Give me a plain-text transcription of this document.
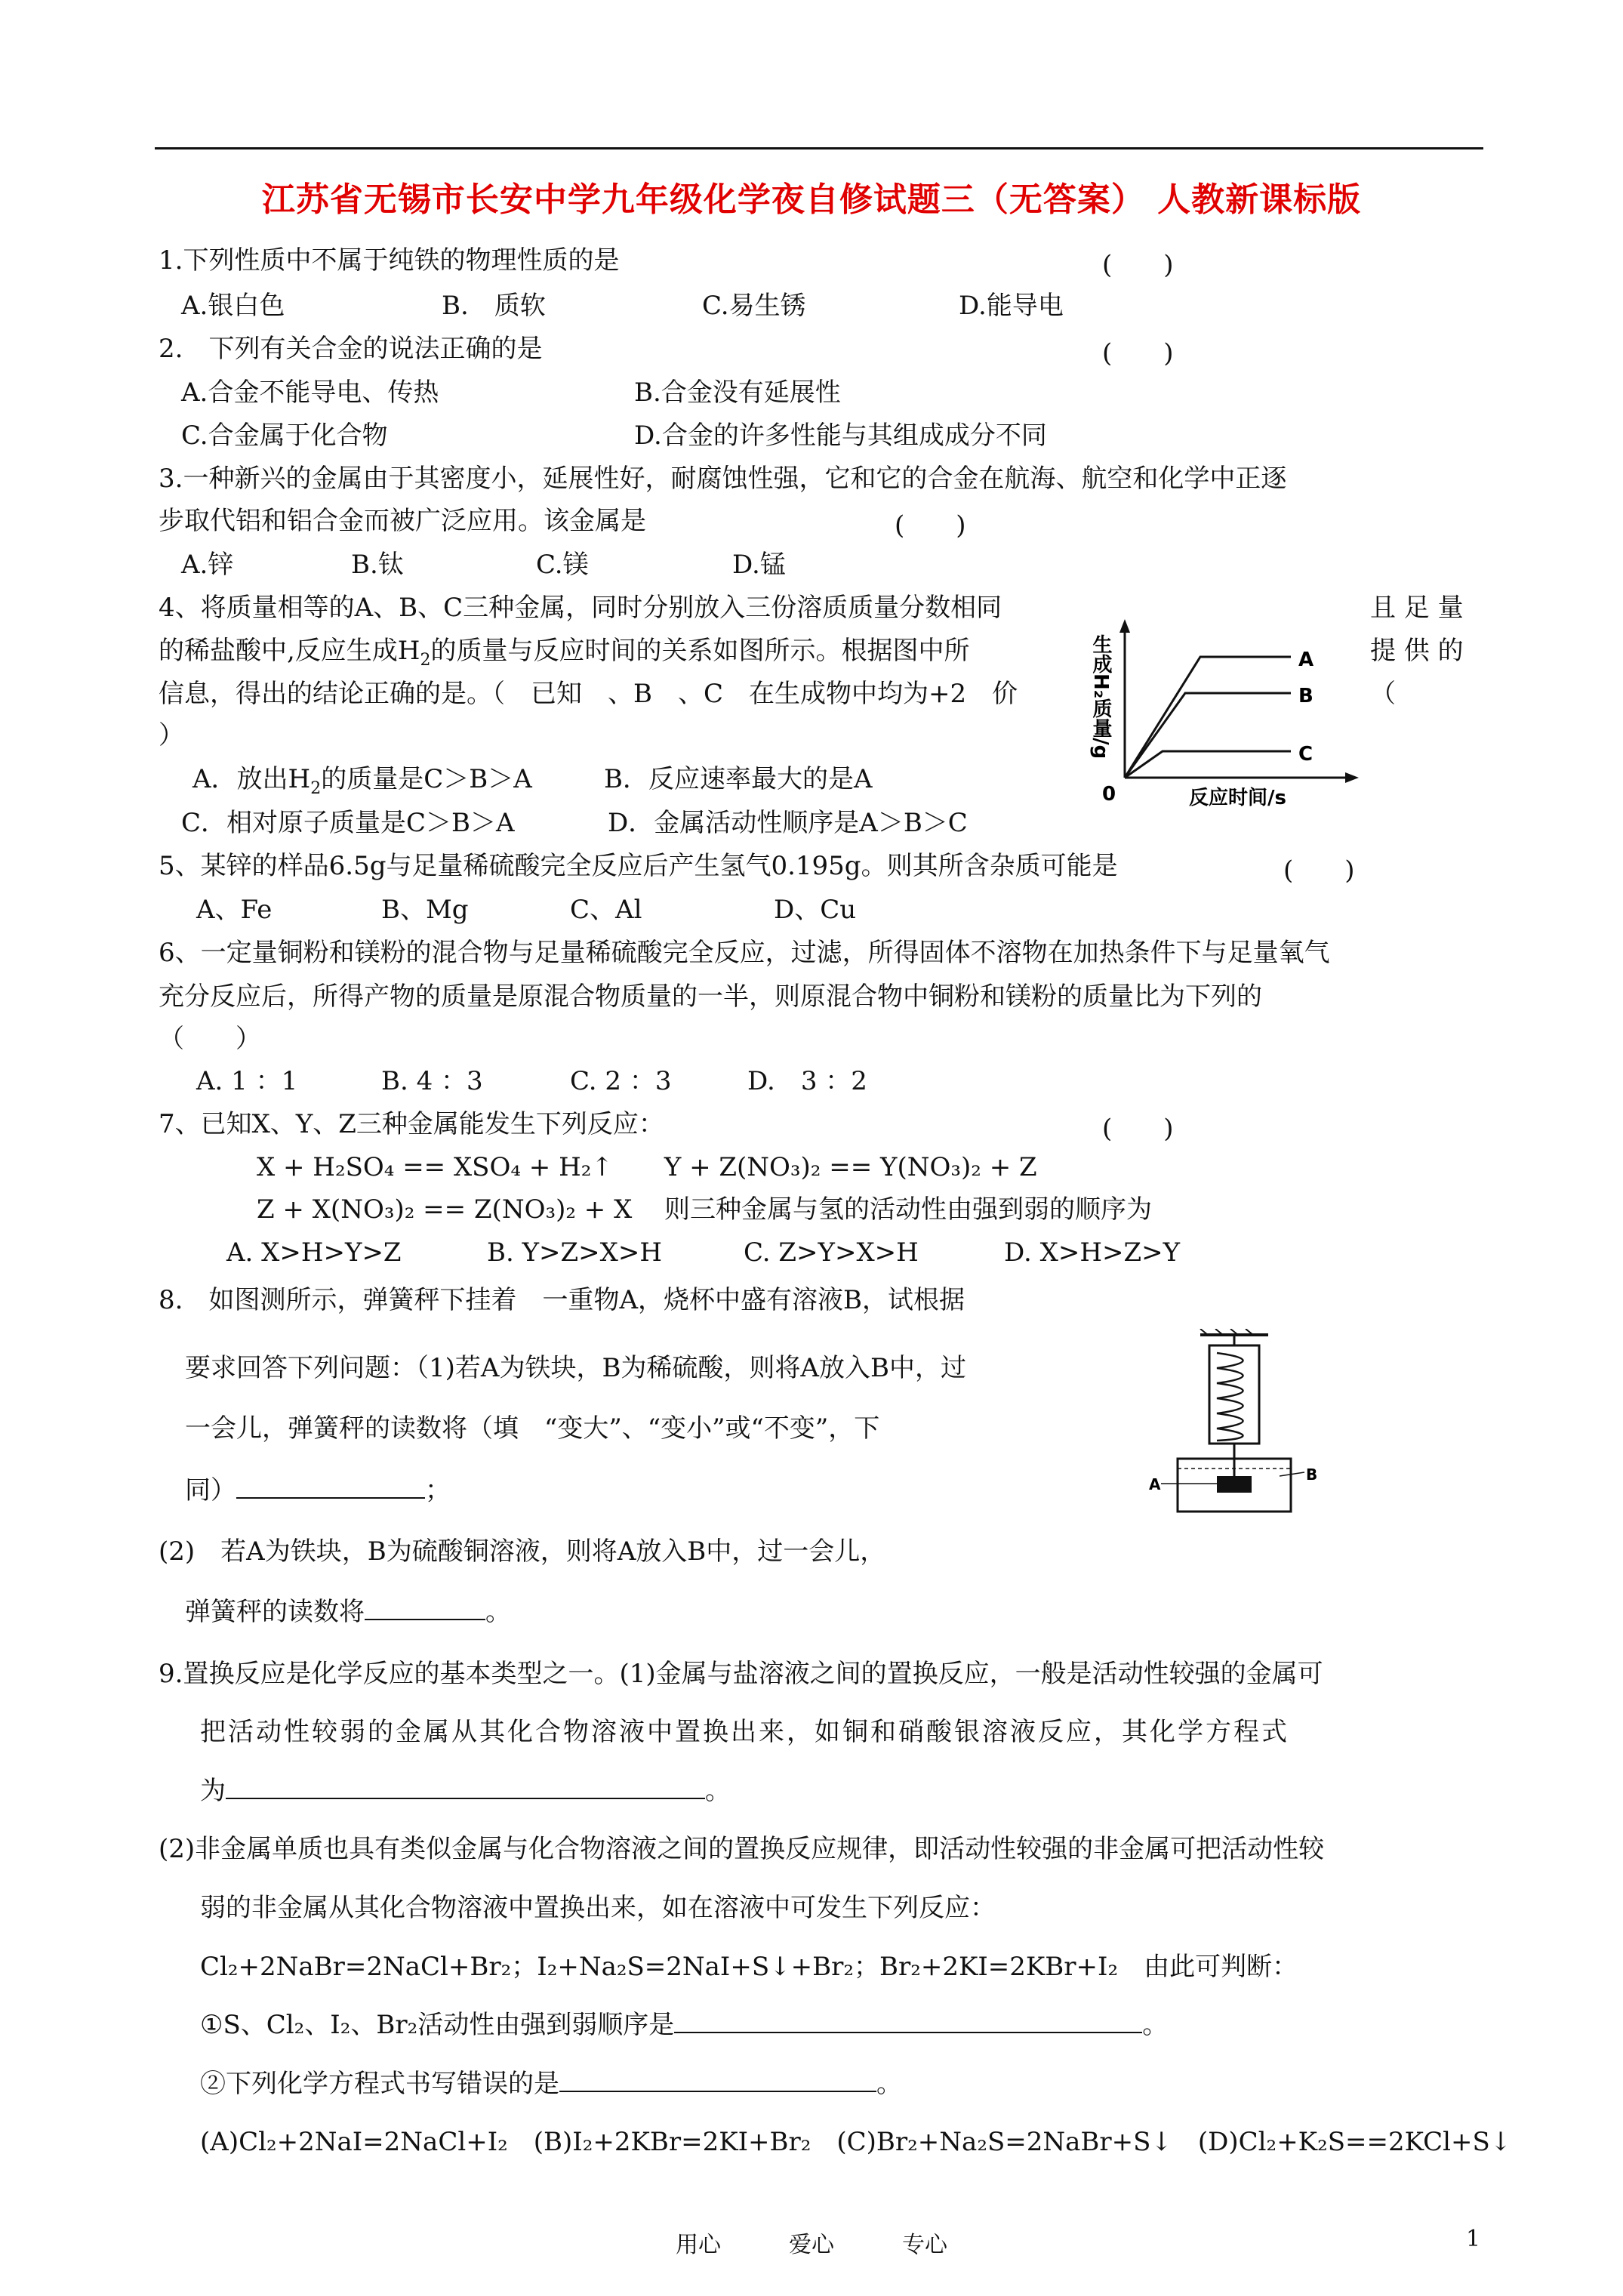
江苏省无锡市长安中学九年级化学夜自修试题三（无答案） 人教新课标版
1.下列性质中不属于纯铁的物理性质的是	(　　)
A.银白色	B.　质软	C.易生锈	D.能导电
2.　下列有关合金的说法正确的是	(　　)
A.合金不能导电、传热	B.合金没有延展性
C.合金属于化合物	D.合金的许多性能与其组成成分不同
3.一种新兴的金属由于其密度小，延展性好，耐腐蚀性强，它和它的合金在航海、航空和化学中正逐
步取代铝和铝合金而被广泛应用。该金属是	(　　)
A.锌	B.钛	C.镁	D.锰
4、将质量相等的A、B、C三种金属，同时分别放入三份溶质质量分数相同	且 足 量
的稀盐酸中,反应生成$H_2$的质量与反应时间的关系如图所示。根据图中所	提 供 的
信息，得出的结论正确的是。（　已知　、B　、C　在生成物中均为+2　价	（
）
A．放出$H_2$的质量是C＞B＞A	B．反应速率最大的是A
C．相对原子质量是C＞B＞A	D．金属活动性顺序是A＞B＞C
A
B
C
0	反应时间/s
生成H₂质量/g
5、某锌的样品6.5g与足量稀硫酸完全反应后产生氢气0.195g。则其所含杂质可能是	(　　)
A、Fe	B、Mg	C、Al	D、Cu
6、一定量铜粉和镁粉的混合物与足量稀硫酸完全反应，过滤，所得固体不溶物在加热条件下与足量氧气
充分反应后，所得产物的质量是原混合物质量的一半，则原混合物中铜粉和镁粉的质量比为下列的
（　　）
A. 1 ：1	B. 4 ：3	C. 2 ：3	D.　3 ：2
7、已知X、Y、Z三种金属能发生下列反应：	(　　)
X + H₂SO₄ == XSO₄ + H₂↑　　Y + Z(NO₃)₂ == Y(NO₃)₂ + Z
Z + X(NO₃)₂ == Z(NO₃)₂ + X 则三种金属与氢的活动性由强到弱的顺序为
A. X>H>Y>Z	B. Y>Z>X>H	C. Z>Y>X>H	D. X>H>Z>Y
8.　如图测所示，弹簧秤下挂着　一重物A，烧杯中盛有溶液B，试根据
要求回答下列问题：（1)若A为铁块，B为稀硫酸，则将A放入B中，过
一会儿，弹簧秤的读数将（填　“变大”、“变小”或“不变”，下
同）	；
(2)　若A为铁块，B为硫酸铜溶液，则将A放入B中，过一会儿，
弹簧秤的读数将	。
A
B
9.置换反应是化学反应的基本类型之一。(1)金属与盐溶液之间的置换反应，一般是活动性较强的金属可
把活动性较弱的金属从其化合物溶液中置换出来，如铜和硝酸银溶液反应，其化学方程式
为	。
(2)非金属单质也具有类似金属与化合物溶液之间的置换反应规律，即活动性较强的非金属可把活动性较
弱的非金属从其化合物溶液中置换出来，如在溶液中可发生下列反应：
Cl₂+2NaBr=2NaCl+Br₂；I₂+Na₂S=2NaI+S↓+Br₂；Br₂+2KI=2KBr+I₂　由此可判断：
①S、Cl₂、I₂、Br₂活动性由强到弱顺序是	。
②下列化学方程式书写错误的是	。
(A)Cl₂+2NaI=2NaCl+I₂　(B)I₂+2KBr=2KI+Br₂　(C)Br₂+Na₂S=2NaBr+S↓　(D)Cl₂+K₂S==2KCl+S↓
用心　　　爱心　　　专心	1
